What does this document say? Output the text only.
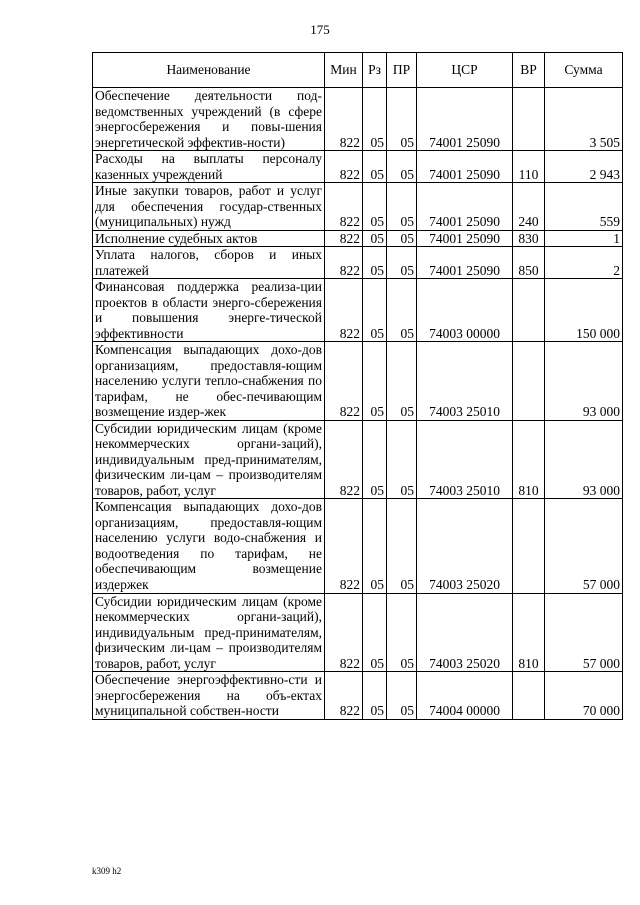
175
Наименование	Мин	Рз	ПР	ЦСР	ВР	Сумма
Обеспечение деятельности под-ведомственных учреждений (в сфере энергосбережения и повы-шения энергетической эффектив-ности)	822	05	05	74001 25090		3 505
Расходы на выплаты персоналу казенных учреждений	822	05	05	74001 25090	110	2 943
Иные закупки товаров, работ и услуг для обеспечения государ-ственных (муниципальных) нужд	822	05	05	74001 25090	240	559
Исполнение судебных актов	822	05	05	74001 25090	830	1
Уплата налогов, сборов и иных платежей	822	05	05	74001 25090	850	2
Финансовая поддержка реализа-ции проектов в области энерго-сбережения и повышения энерге-тической эффективности	822	05	05	74003 00000		150 000
Компенсация выпадающих дохо-дов организациям, предоставля-ющим населению услуги тепло-снабжения по тарифам, не обес-печивающим возмещение издер-жек	822	05	05	74003 25010		93 000
Субсидии юридическим лицам (кроме некоммерческих органи-заций), индивидуальным пред-принимателям, физическим ли-цам – производителям товаров, работ, услуг	822	05	05	74003 25010	810	93 000
Компенсация выпадающих дохо-дов организациям, предоставля-ющим населению услуги водо-снабжения и водоотведения по тарифам, не обеспечивающим возмещение издержек	822	05	05	74003 25020		57 000
Субсидии юридическим лицам (кроме некоммерческих органи-заций), индивидуальным пред-принимателям, физическим ли-цам – производителям товаров, работ, услуг	822	05	05	74003 25020	810	57 000
Обеспечение энергоэффективно-сти и энергосбережения на объ-ектах муниципальной собствен-ности	822	05	05	74004 00000		70 000
k309 h2
